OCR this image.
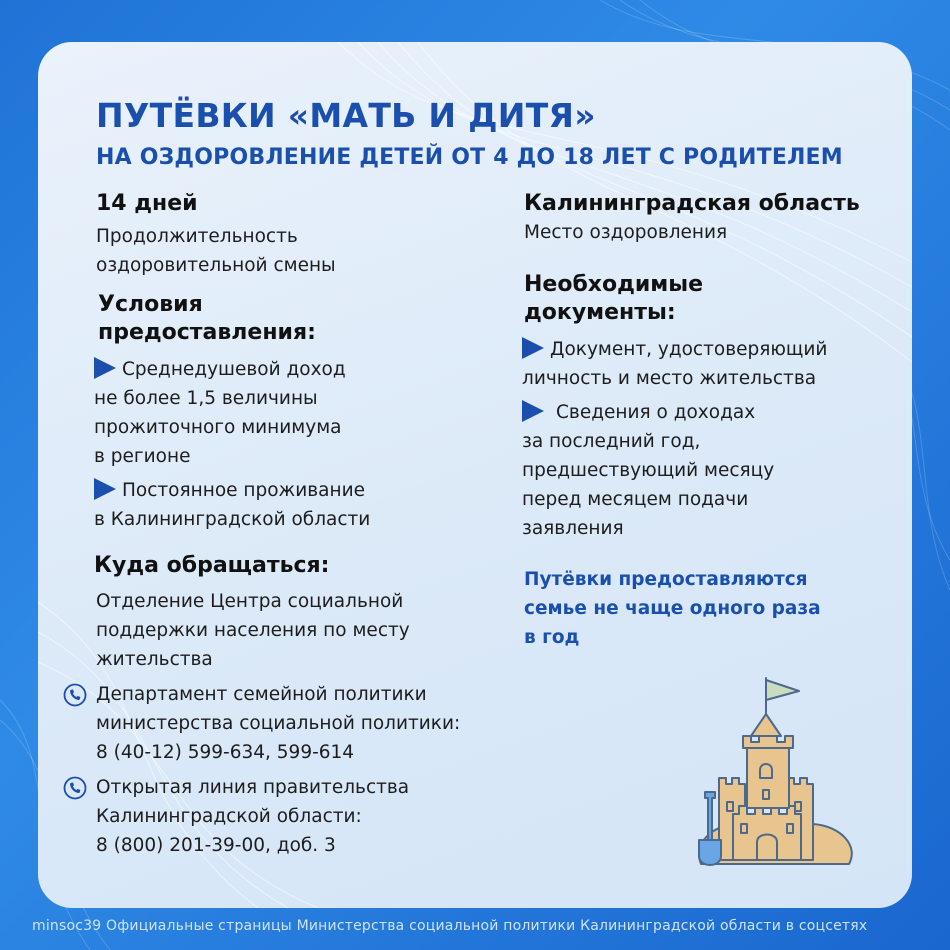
ПУТЁВКИ «МАТЬ И ДИТЯ»
НА ОЗДОРОВЛЕНИЕ ДЕТЕЙ ОТ 4 ДО 18 ЛЕТ С РОДИТЕЛЕМ
14 дней
Продолжительность
оздоровительной смены
Калининградская область
Место оздоровления
Условия
предоставления:
Среднедушевой доход
не более 1,5 величины
прожиточного минимума
в регионе
Постоянное проживание
в Калининградской области
Необходимые
документы:
Документ, удостоверяющий
личность и место жительства
Сведения о доходах
за последний год,
предшествующий месяцу
перед месяцем подачи
заявления
Путёвки предоставляются
семье не чаще одного раза
в год
Куда обращаться:
Отделение Центра социальной
поддержки населения по месту
жительства
Департамент семейной политики
министерства социальной политики:
8 (40-12) 599-634, 599-614
Открытая линия правительства
Калининградской области:
8 (800) 201-39-00, доб. 3
minsoc39 Официальные страницы Министерства социальной политики Калининградской области в соцсетях
